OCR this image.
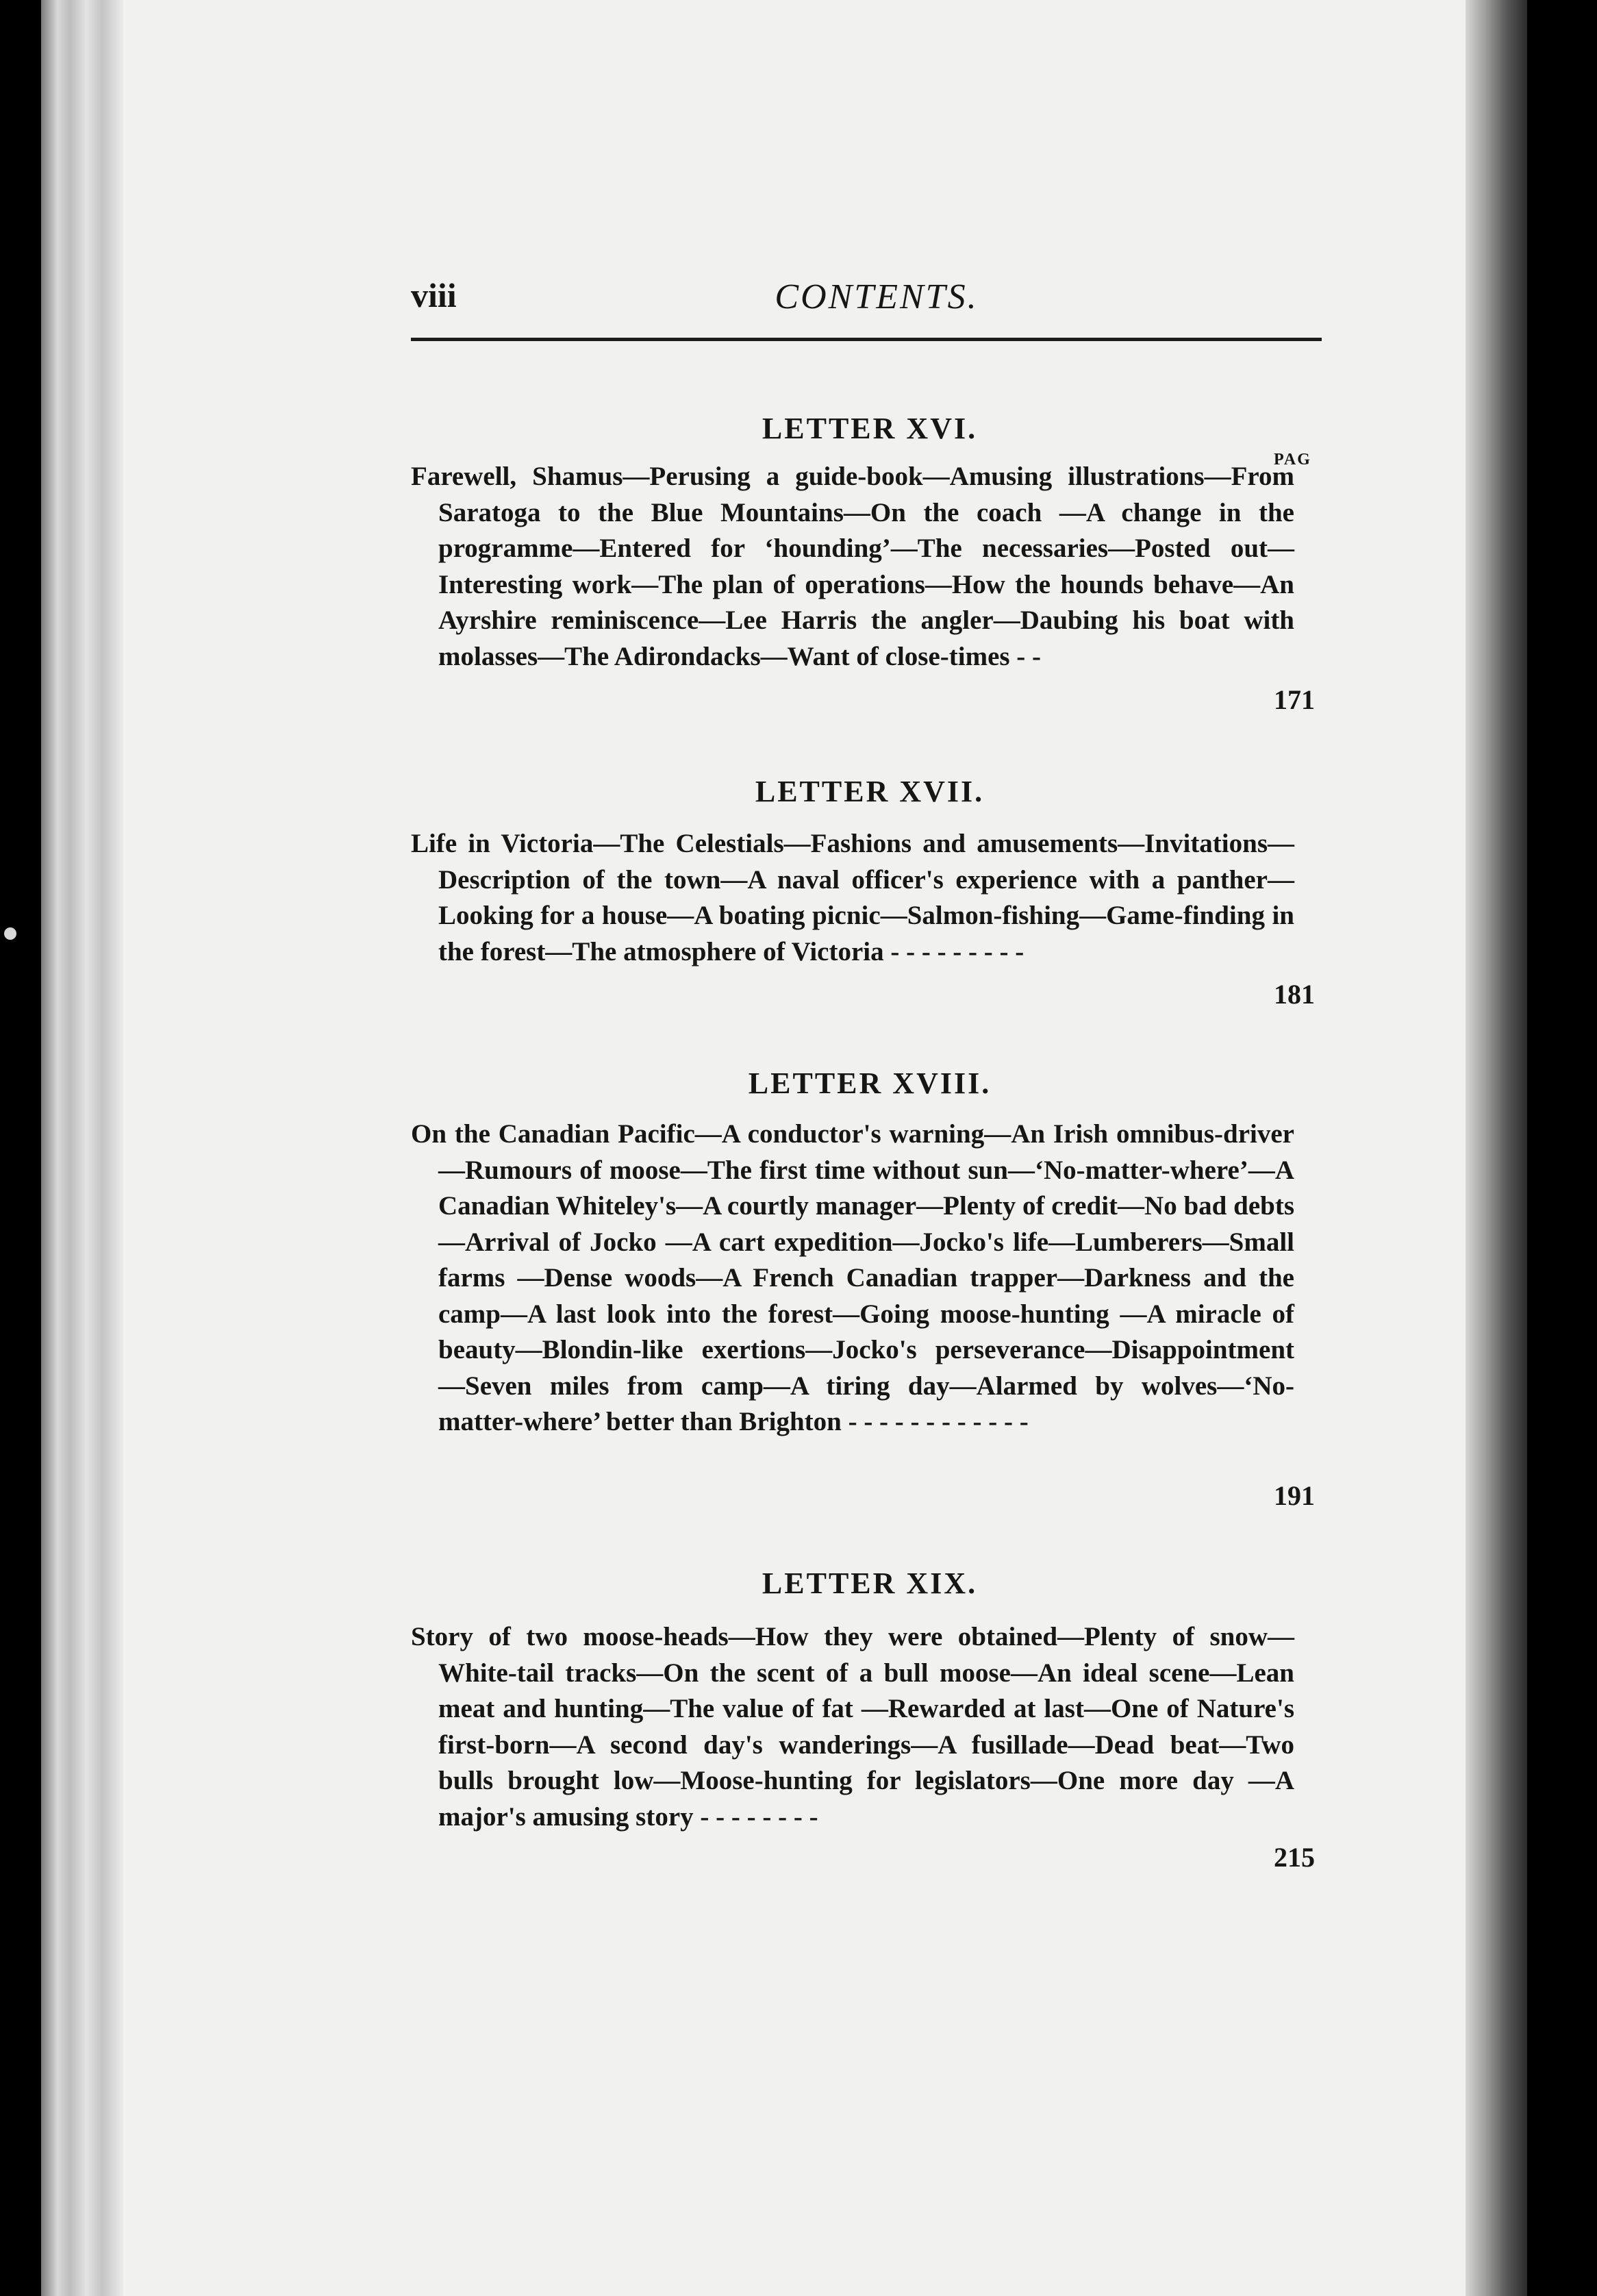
viii	CONTENTS.
PAG
LETTER XVI.
Farewell, Shamus—Perusing a guide-book—Amusing illustrations—From Saratoga to the Blue Mountains—On the coach —A change in the programme—Entered for ‘hounding’—The necessaries—Posted out—Interesting work—The plan of operations—How the hounds behave—An Ayrshire reminiscence—Lee Harris the angler—Daubing his boat with molasses—The Adirondacks—Want of close-times - -
171
LETTER XVII.
Life in Victoria—The Celestials—Fashions and amusements—Invitations—Description of the town—A naval officer's experience with a panther—Looking for a house—A boating picnic—Salmon-fishing—Game-finding in the forest—The atmosphere of Victoria - - - - - - - - -
181
LETTER XVIII.
On the Canadian Pacific—A conductor's warning—An Irish omnibus-driver—Rumours of moose—The first time without sun—‘No-matter-where’—A Canadian Whiteley's—A courtly manager—Plenty of credit—No bad debts—Arrival of Jocko —A cart expedition—Jocko's life—Lumberers—Small farms —Dense woods—A French Canadian trapper—Darkness and the camp—A last look into the forest—Going moose-hunting —A miracle of beauty—Blondin-like exertions—Jocko's perseverance—Disappointment—Seven miles from camp—A tiring day—Alarmed by wolves—‘No-matter-where’ better than Brighton - - - - - - - - - - - -
191
LETTER XIX.
Story of two moose-heads—How they were obtained—Plenty of snow—White-tail tracks—On the scent of a bull moose—An ideal scene—Lean meat and hunting—The value of fat —Rewarded at last—One of Nature's first-born—A second day's wanderings—A fusillade—Dead beat—Two bulls brought low—Moose-hunting for legislators—One more day —A major's amusing story - - - - - - - -
215
